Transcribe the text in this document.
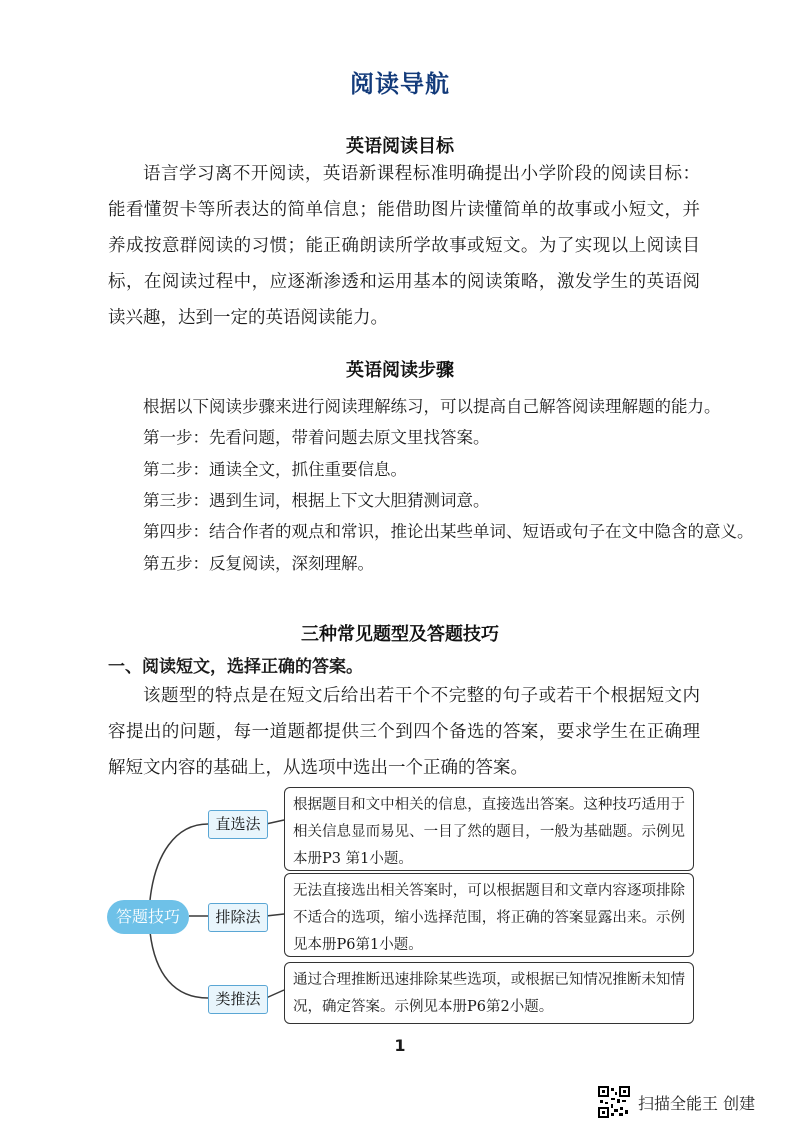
阅读导航
英语阅读目标
语言学习离不开阅读，英语新课程标准明确提出小学阶段的阅读目标：能看懂贺卡等所表达的简单信息；能借助图片读懂简单的故事或小短文，并养成按意群阅读的习惯；能正确朗读所学故事或短文。为了实现以上阅读目标，在阅读过程中，应逐渐渗透和运用基本的阅读策略，激发学生的英语阅读兴趣，达到一定的英语阅读能力。
英语阅读步骤
根据以下阅读步骤来进行阅读理解练习，可以提高自己解答阅读理解题的能力。
第一步：先看问题，带着问题去原文里找答案。
第二步：通读全文，抓住重要信息。
第三步：遇到生词，根据上下文大胆猜测词意。
第四步：结合作者的观点和常识，推论出某些单词、短语或句子在文中隐含的意义。
第五步：反复阅读，深刻理解。
三种常见题型及答题技巧
一、阅读短文，选择正确的答案。
该题型的特点是在短文后给出若干个不完整的句子或若干个根据短文内容提出的问题，每一道题都提供三个到四个备选的答案，要求学生在正确理解短文内容的基础上，从选项中选出一个正确的答案。
答题技巧
直选法
根据题目和文中相关的信息，直接选出答案。这种技巧适用于相关信息显而易见、一目了然的题目，一般为基础题。示例见本册P3 第1小题。
排除法
无法直接选出相关答案时，可以根据题目和文章内容逐项排除不适合的选项，缩小选择范围，将正确的答案显露出来。示例见本册P6第1小题。
类推法
通过合理推断迅速排除某些选项，或根据已知情况推断未知情况，确定答案。示例见本册P6第2小题。
1
扫描全能王 创建
